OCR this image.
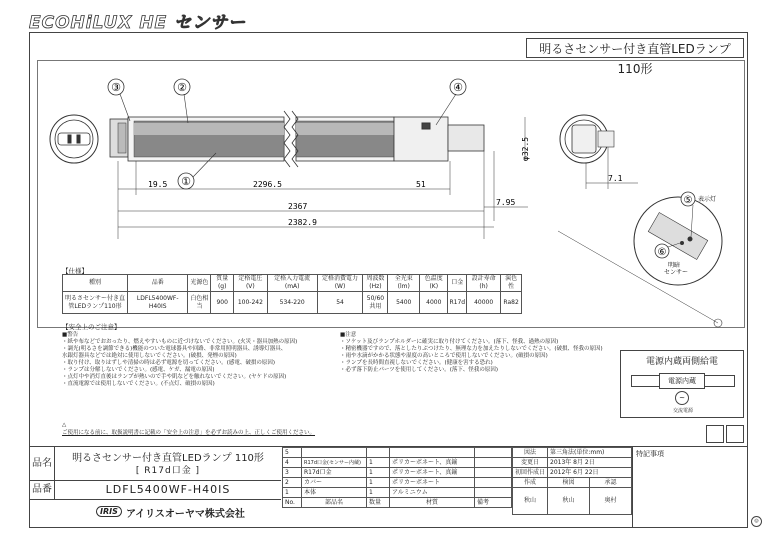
ECOHiLUX HE センサー
明るさセンサー付き直管LEDランプ 110形
③	②	④
①
19.5	2296.5	51
2367	7.95
2382.9
φ32.5
7.1
⑤
⑥
表示灯
明暗
センサー
【仕様】
種別	品番	光源色	質量(g)	定格電圧(V)	定格入力電流(mA)	定格消費電力(W)	周波数(Hz)	全光束(lm)	色温度(K)	口金	設計寿命(h)	演色性
明るさセンサー付き直管LEDランプ110形	LDFL5400WF-H40IS	白色相当	900	100-242	534-220	54	50/60共用	5400	4000	R17d	40000	Ra82
【安全上のご注意】
■警告
・紙や布などでおおったり、燃えやすいものに近づけないでください。(火災・器具加熱の原因)
・調光(明るさを調節できる)機能のついた電球器具や回路、非常用照明器具、誘導灯器具、
水銀灯器具などでは絶対に使用しないでください。(破損、発煙の原因)
・取り付け、取りはずしや清掃の時は必ず電源を切ってください。(感電、破損の原因)
・ランプは分解しないでください。(感電、ケガ、漏電の原因)
・点灯中や消灯直後はランプが熱いので手や肌などを触れないでください。(ヤケドの原因)
・直流電源では使用しないでください。(不点灯、破損の原因)
■注意
・ソケット及びランプホルダーに確実に取り付けてください。(落下、怪我、過熱の原因)
・精密機器ですので、落としたりぶつけたり、無理な力を加えたりしないでください。(破損、怪我の原因)
・雨や水滴がかかる状態や湿度の高いところで使用しないでください。(破損の原因)
・ランプを長時間直視しないでください。(健康を害する恐れ)
・必ず落下防止パーツを使用してください。(落下、怪我の原因)
△
ご使用になる前に、取扱説明書に記載の「安全上の注意」を必ずお読みの上、正しくご使用ください。
電源内蔵両側給電
電源内蔵
~
交流電源
品名	明るさセンサー付き直管LEDランプ 110形
[ R17d口金 ]
品番	LDFL5400WF-H40IS
IRIS アイリスオーヤマ株式会社
5				
4	R17d口金(センサー内蔵)	1	ポリカーボネート、真鍮	
3	R17d口金	1	ポリカーボネート、真鍮	
2	カバー	1	ポリカーボネート	
1	本体	1	アルミニウム	
No.	部品名	数量	材質	備考
図法	第三角法(単位:mm)	
変更日	2013年 8月 2日	
初回作成日	2012年 6月 22日	
作成	検図	承認
秋山	秋山	奥村
特記事項
◎
